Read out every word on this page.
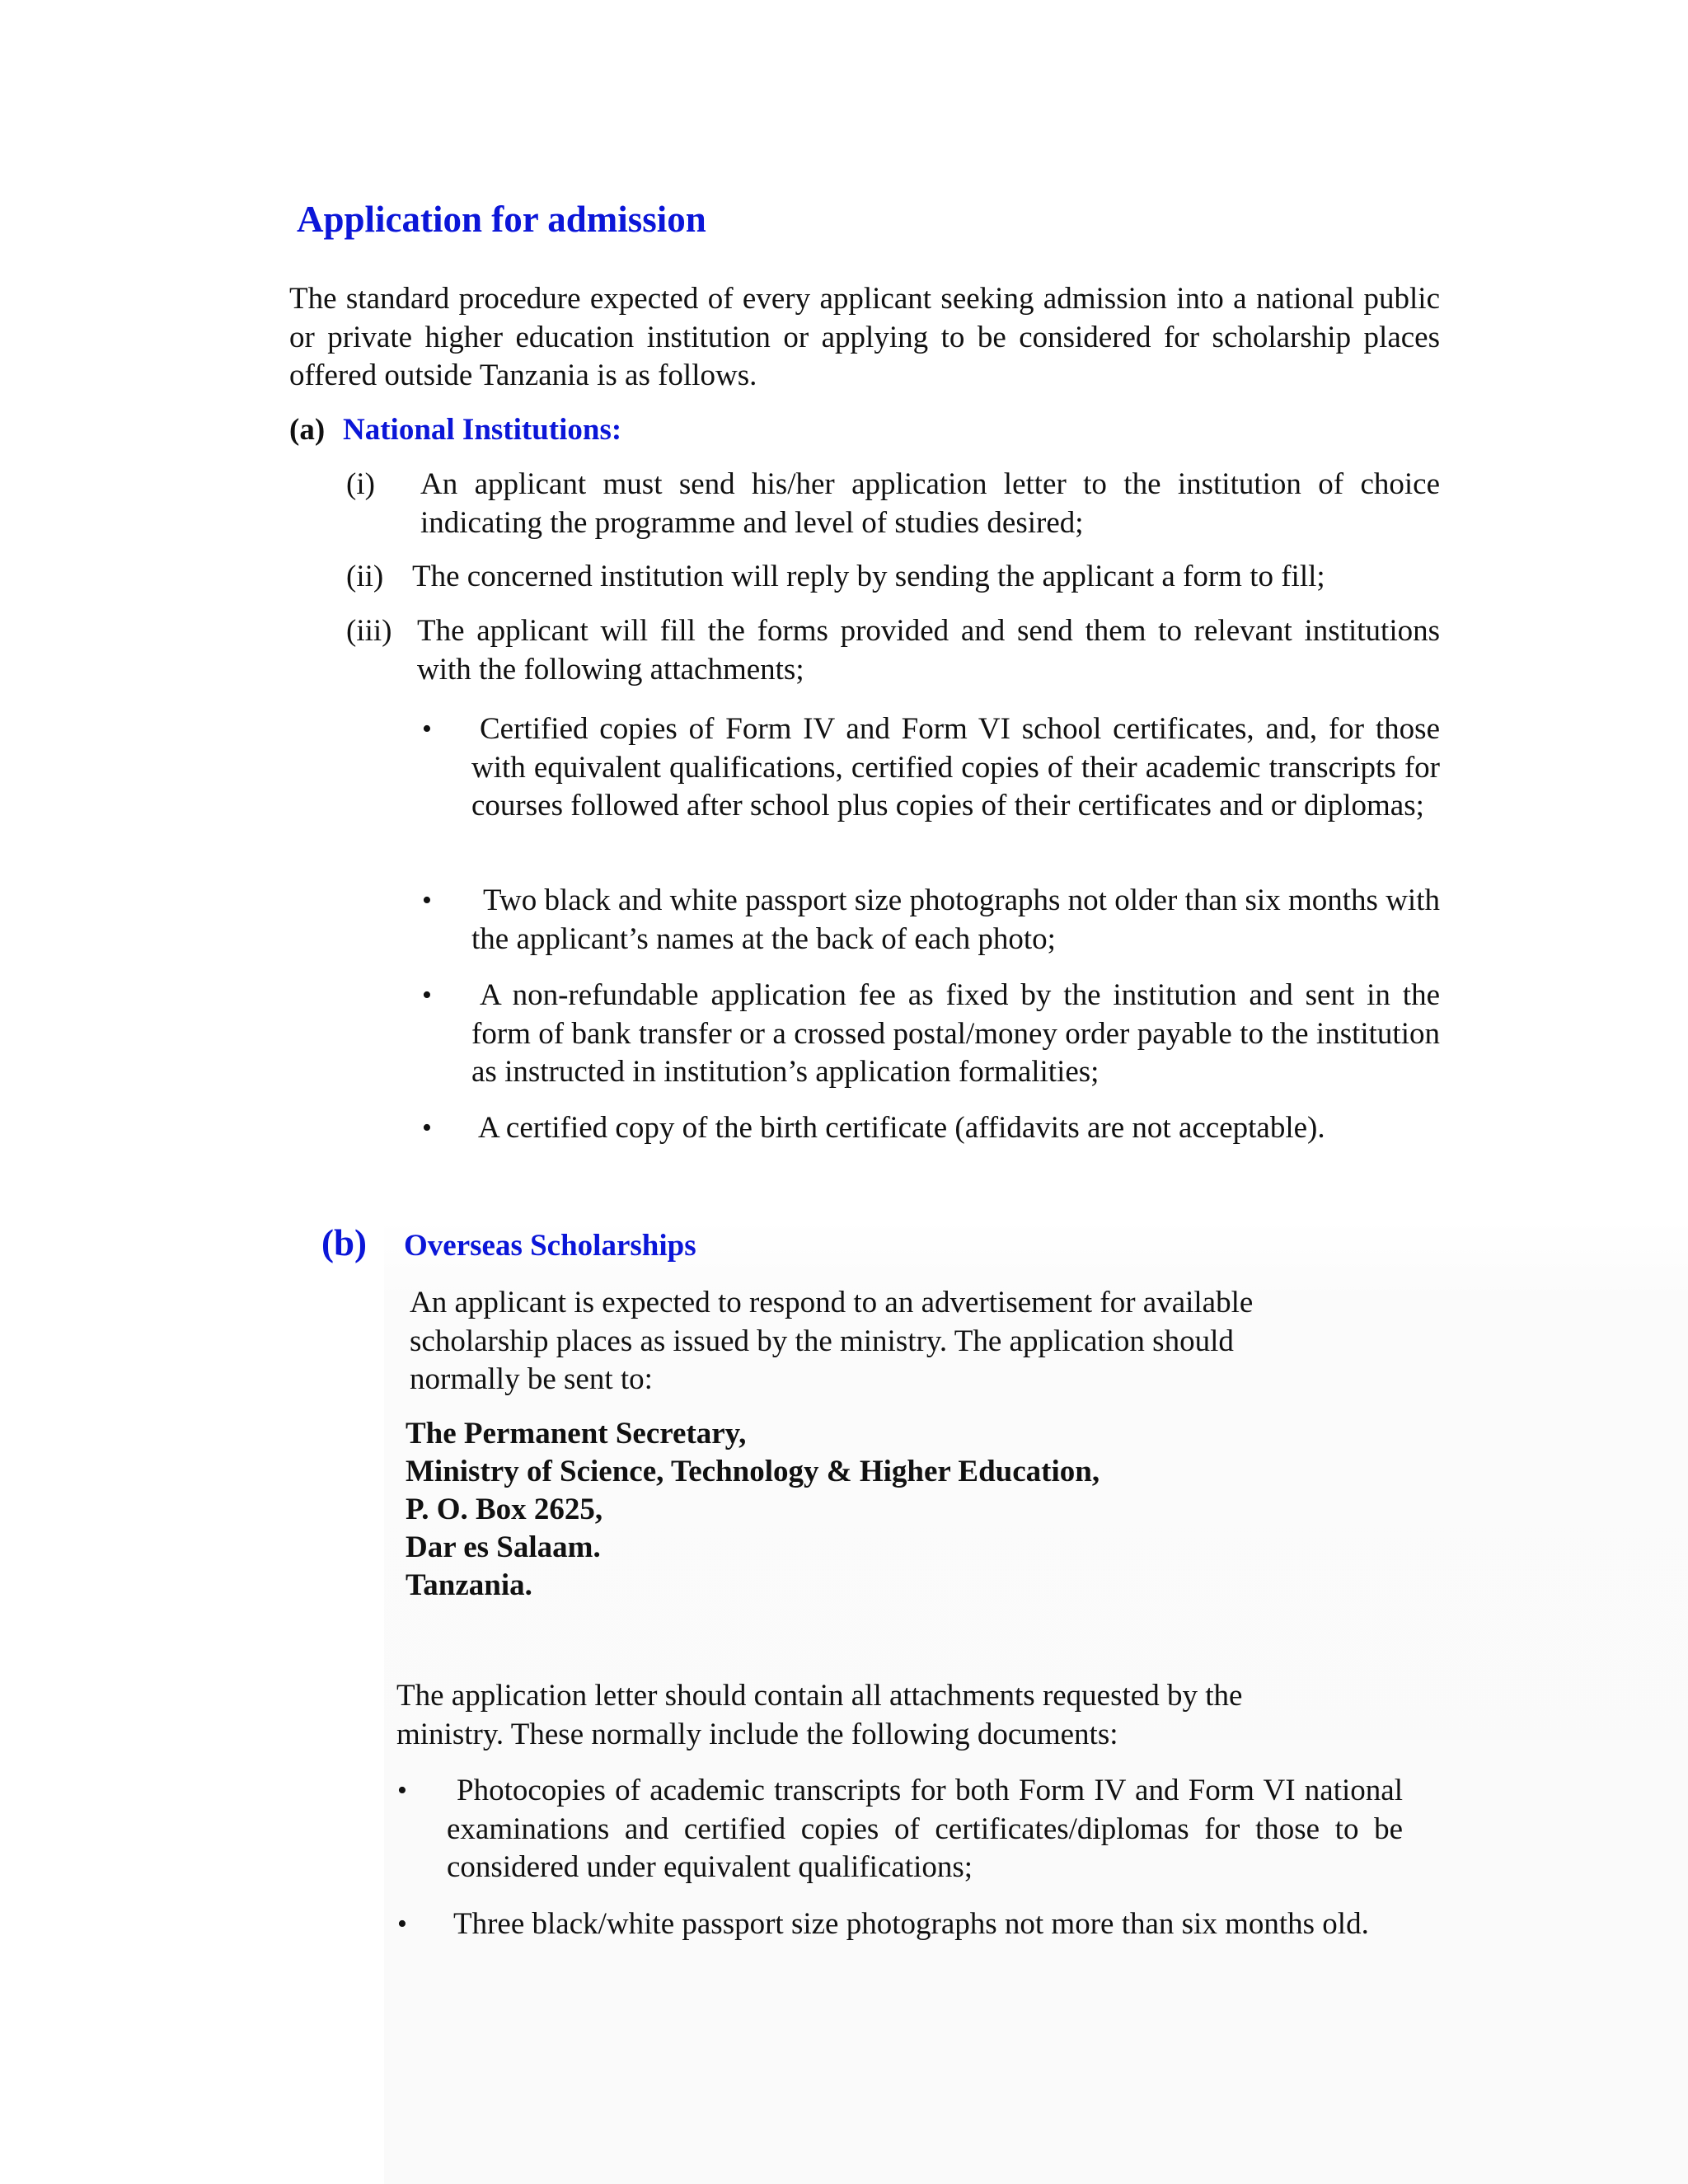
Application for admission

The standard procedure expected of every applicant seeking admission into a national public or private higher education institution or applying to be considered for scholarship places offered outside Tanzania is as follows.

(a) National Institutions:
(i) An applicant must send his/her application letter to the institution of choice indicating the programme and level of studies desired;

(ii) The concerned institution will reply by sending the applicant a form to fill;
(iii) The applicant will fill the forms provided and send them to relevant institutions with the following attachments;

• Certified copies of Form IV and Form VI school certificates, and, for those with equivalent qualifications, certified copies of their academic transcripts for courses followed after school plus copies of their certificates and or diplomas;

•	Two black and white passport size photographs not older than six months with the applicant’s names at the back of each photo;

• A non-refundable application fee as fixed by the institution and sent in the form of bank transfer or a crossed postal/money order payable to the institution as instructed in institution’s application formalities;

• A certified copy of the birth certificate (affidavits are not acceptable).
(b) Overseas Scholarships

An applicant is expected to respond to an advertisement for available scholarship places as issued by the ministry. The application should normally be sent to:

The Permanent Secretary,
Ministry of Science, Technology & Higher Education,
P. O. Box 2625,
Dar es Salaam.
Tanzania.

The application letter should contain all attachments requested by the ministry. These normally include the following documents:

•	Photocopies of academic transcripts for both Form IV and Form VI national examinations and certified copies of certificates/diplomas for those to be considered under equivalent qualifications;

• Three black/white passport size photographs not more than six months old.
